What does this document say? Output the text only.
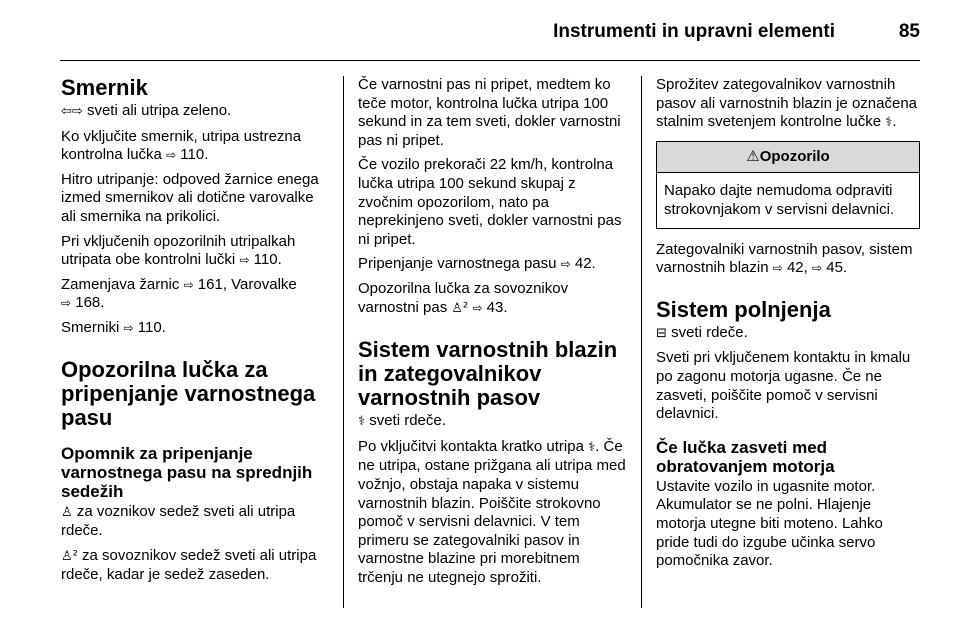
Instrumenti in upravni elementi	85
Smernik

⇦⇨ sveti ali utripa zeleno.

Ko vključite smernik, utripa ustrezna kontrolna lučka ⇨ 110.

Hitro utripanje: odpoved žarnice enega izmed smernikov ali dotične varovalke ali smernika na prikolici.

Pri vključenih opozorilnih utripalkah utripata obe kontrolni lučki ⇨ 110.

Zamenjava žarnic ⇨ 161, Varovalke
⇨ 168.

Smerniki ⇨ 110.

Opozorilna lučka za pripenjanje varnostnega pasu
Opomnik za pripenjanje varnostnega pasu na sprednjih sedežih

♙ za voznikov sedež sveti ali utripa rdeče.

♙² za sovoznikov sedež sveti ali utripa rdeče, kadar je sedež zaseden.

Če varnostni pas ni pripet, medtem ko teče motor, kontrolna lučka utripa 100 sekund in za tem sveti, dokler varnostni pas ni pripet.

Če vozilo prekorači 22 km/h, kontrolna lučka utripa 100 sekund skupaj z zvočnim opozorilom, nato pa neprekinjeno sveti, dokler varnostni pas ni pripet.

Pripenjanje varnostnega pasu ⇨ 42.

Opozorilna lučka za sovoznikov varnostni pas ♙² ⇨ 43.

Sistem varnostnih blazin in zategovalnikov varnostnih pasov

⚕ sveti rdeče.

Po vključitvi kontakta kratko utripa ⚕. Če ne utripa, ostane prižgana ali utripa med vožnjo, obstaja napaka v sistemu varnostnih blazin. Poiščite strokovno pomoč v servisni delavnici. V tem primeru se zategovalniki pasov in varnostne blazine pri morebitnem trčenju ne utegnejo sprožiti.

Sprožitev zategovalnikov varnostnih pasov ali varnostnih blazin je označena stalnim svetenjem kontrolne lučke ⚕.

⚠Opozorilo
Napako dajte nemudoma odpraviti strokovnjakom v servisni delavnici.

Zategovalniki varnostnih pasov, sistem varnostnih blazin ⇨ 42, ⇨ 45.

Sistem polnjenja

⊟ sveti rdeče.

Sveti pri vključenem kontaktu in kmalu po zagonu motorja ugasne. Če ne zasveti, poiščite pomoč v servisni delavnici.

Če lučka zasveti med obratovanjem motorja

Ustavite vozilo in ugasnite motor. Akumulator se ne polni. Hlajenje motorja utegne biti moteno. Lahko pride tudi do izgube učinka servo pomočnika zavor.
